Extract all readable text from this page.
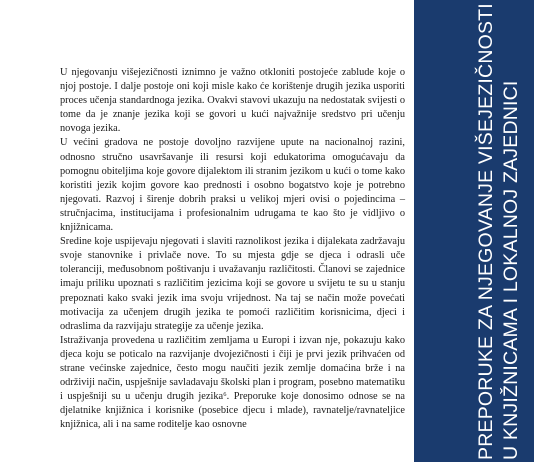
U njegovanju višejezičnosti iznimno je važno otkloniti postojeće zablude koje o njoj postoje. I dalje postoje oni koji misle kako će korištenje drugih jezika usporiti proces učenja standardnoga jezika. Ovakvi stavovi ukazuju na nedostatak svijesti o tome da je znanje jezika koji se govori u kući najvažnije sredstvo pri učenju novoga jezika.

U većini gradova ne postoje dovoljno razvijene upute na nacionalnoj razini, odnosno stručno usavršavanje ili resursi koji edukatorima omogućavaju da pomognu obiteljima koje govore dijalektom ili stranim jezikom u kući o tome kako koristiti jezik kojim govore kao prednosti i osobno bogatstvo koje je potrebno njegovati. Razvoj i širenje dobrih praksi u velikoj mjeri ovisi o pojedincima – stručnjacima, institucijama i profesionalnim udrugama te kao što je vidljivo o knjižnicama.

Sredine koje uspijevaju njegovati i slaviti raznolikost jezika i dijalekata zadržavaju svoje stanovnike i privlače nove. To su mjesta gdje se djeca i odrasli uče toleranciji, međusobnom poštivanju i uvažavanju različitosti. Članovi se zajednice imaju priliku upoznati s različitim jezicima koji se govore u svijetu te su u stanju prepoznati kako svaki jezik ima svoju vrijednost. Na taj se način može povećati motivacija za učenjem drugih jezika te pomoći različitim korisnicima, djeci i odraslima da razvijaju strategije za učenje jezika.

Istraživanja provedena u različitim zemljama u Europi i izvan nje, pokazuju kako djeca koju se poticalo na razvijanje dvojezičnosti i čiji je prvi jezik prihvaćen od strane većinske zajednice, često mogu naučiti jezik zemlje domaćina brže i na održiviji način, uspješnije savladavaju školski plan i program, posebno matematiku i uspješniji su u učenju drugih jezika⁶. Preporuke koje donosimo odnose se na djelatnike knjižnica i korisnike (posebice djecu i mlade), ravnatelje/ravnateljice knjižnica, ali i na same roditelje kao osnovne	PREPORUKE ZA NJEGOVANJE VIŠEJEZIČNOSTI U KNJIŽNICAMA I LOKALNOJ ZAJEDNICI
